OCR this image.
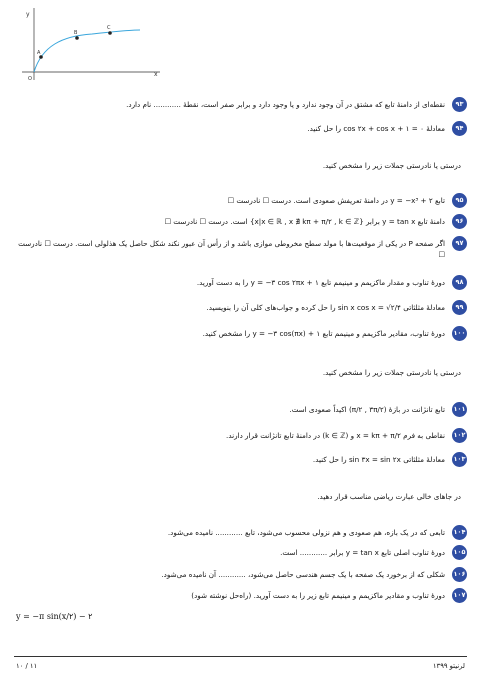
y
x
O
A
B
C
۹۳
نقطه‌ای از دامنهٔ تابع که مشتق در آن وجود ندارد و یا وجود دارد و برابر صفر است، نقطهٔ ............ نام دارد.
۹۴
معادلهٔ ۰ = cos ۲x + cos x + ۱ را حل کنید.
درستی یا نادرستی جملات زیر را مشخص کنید.
۹۵
تابع y = −x³ + ۲ در دامنهٔ تعریفش صعودی است. درست ☐ نادرست ☐
۹۶
دامنهٔ تابع y = tan x برابر {x|x ∈ ℝ , x ∄ kπ + π/۲ , k ∈ ℤ} است. درست ☐ نادرست ☐
۹۷
اگر صفحه P در یکی از موقعیت‌ها با مولد سطح مخروطی موازی باشد و از رأس آن عبور نکند شکل حاصل یک هذلولی است. درست ☐ نادرست ☐
۹۸
دورهٔ تناوب و مقدار ماکزیمم و مینیمم تابع y = −۳ cos ۲πx + ۱ را به دست آورید.
۹۹
معادلهٔ مثلثاتی sin x cos x = √۲/۴ را حل کرده و جواب‌های کلی آن را بنویسید.
۱۰۰
دورهٔ تناوب، مقادیر ماکزیمم و مینیمم تابع y = −۳ cos(πx) + ۱ را مشخص کنید.
درستی یا نادرستی جملات زیر را مشخص کنید.
۱۰۱
تابع تانژانت در بازهٔ (π/۲ , ۳π/۲) اکیداً صعودی است.
۱۰۲
نقاطی به فرم x = kπ + π/۲ و (k ∈ ℤ) در دامنهٔ تابع تانژانت قرار دارند.
۱۰۳
معادلهٔ مثلثاتی sin ۳x = sin ۲x را حل کنید.
در جاهای خالی عبارت ریاضی مناسب قرار دهید.
۱۰۴
تابعی که در یک بازه، هم صعودی و هم نزولی محسوب می‌شود، تابع ............ نامیده می‌شود.
۱۰۵
دورهٔ تناوب اصلی تابع y = tan x برابر ............ است.
۱۰۶
شکلی که از برخورد یک صفحه با یک جسم هندسی حاصل می‌شود، ............ آن نامیده می‌شود.
۱۰۷
دورهٔ تناوب و مقادیر ماکزیمم و مینیمم تابع زیر را به دست آورید. (راه‌حل نوشته شود)
y = −π sin(x/۲) − ۲
۱۰ / ۱۱	لرنیتو ۱۳۹۹
